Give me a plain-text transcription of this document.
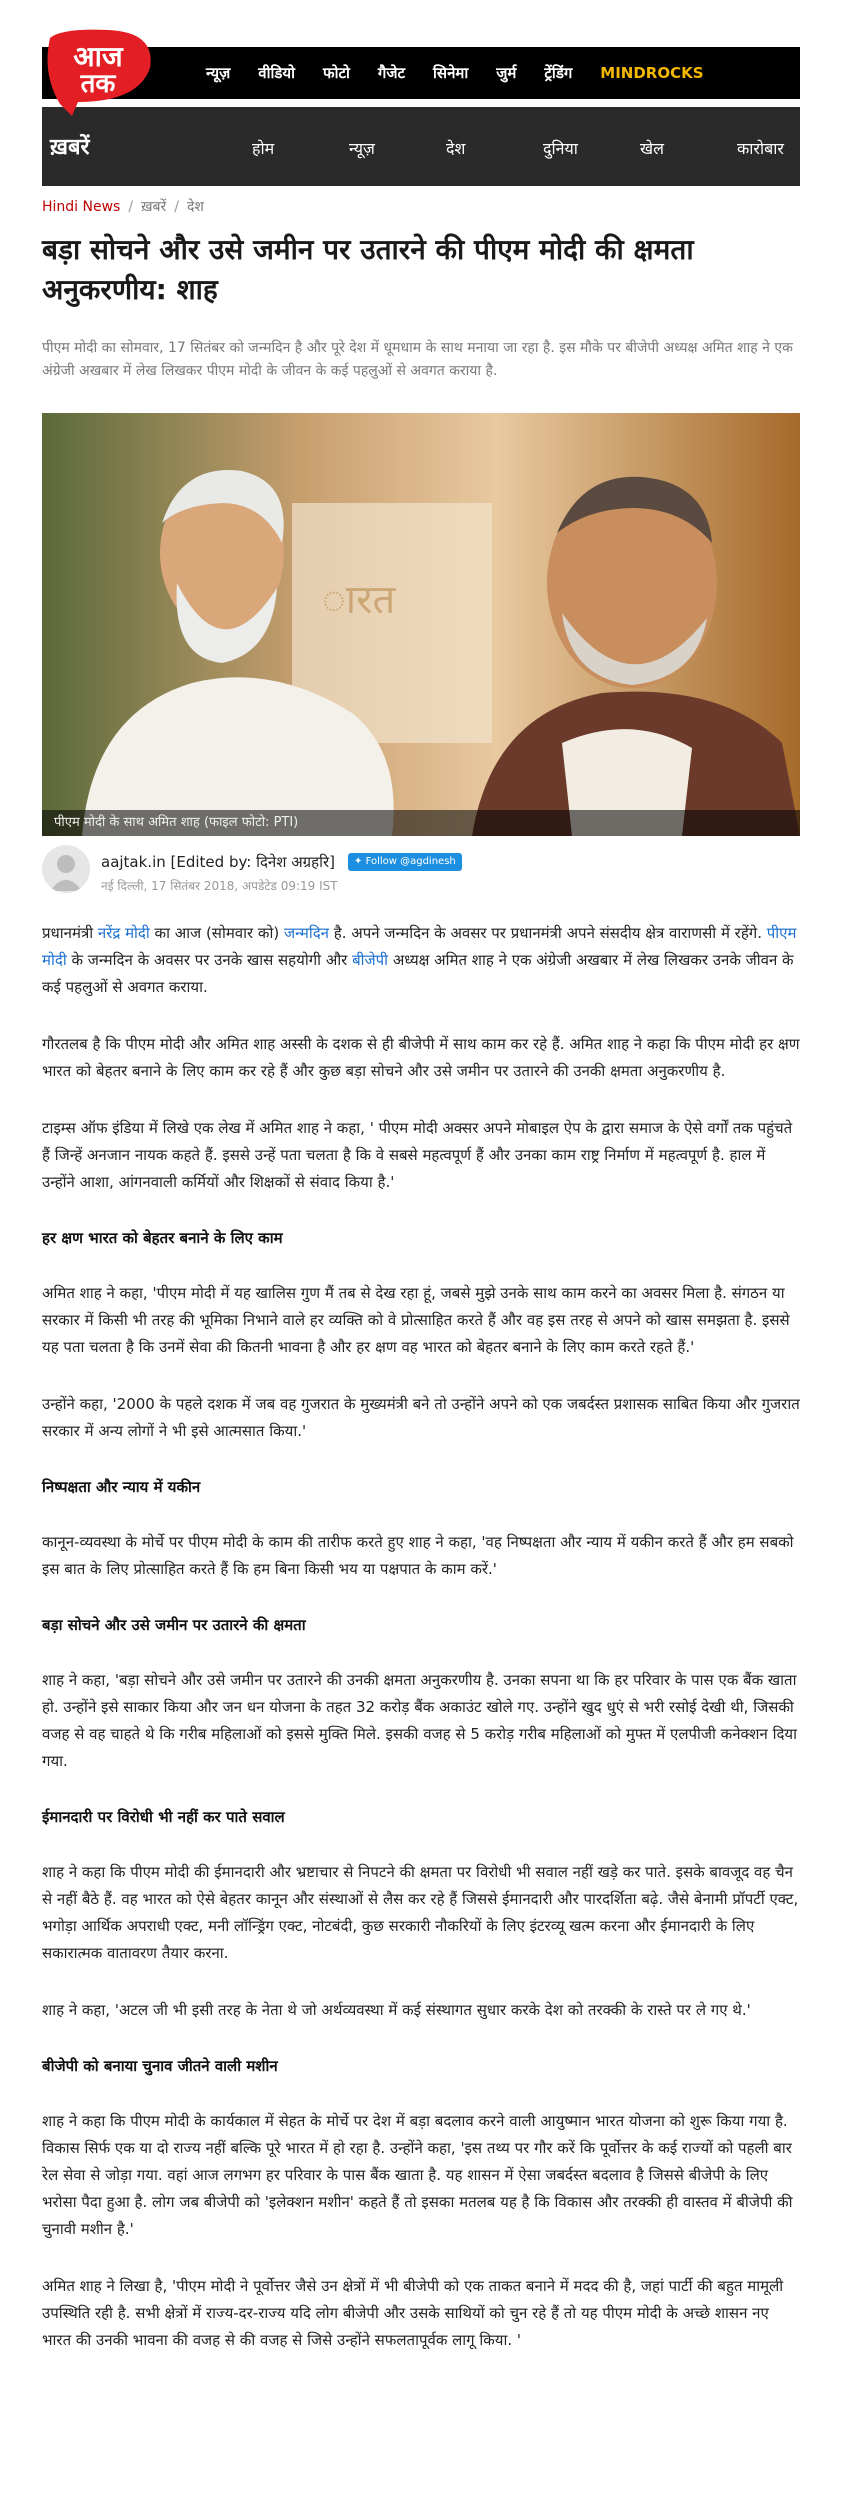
आज
तक	न्यूज़	वीडियो	फोटो	गैजेट	सिनेमा	जुर्म	ट्रेंडिंग	MINDROCKS
ख़बरें	होम	न्यूज़	देश	दुनिया	खेल	कारोबार
Hindi News / ख़बरें / देश
बड़ा सोचने और उसे जमीन पर उतारने की पीएम मोदी की क्षमता अनुकरणीय: शाह
पीएम मोदी का सोमवार, 17 सितंबर को जन्मदिन है और पूरे देश में धूमधाम के साथ मनाया जा रहा है. इस मौके पर बीजेपी अध्यक्ष अमित शाह ने एक अंग्रेजी अखबार में लेख लिखकर पीएम मोदी के जीवन के कई पहलुओं से अवगत कराया है.
ारत
पीएम मोदी के साथ अमित शाह (फाइल फोटो: PTI)
aajtak.in [Edited by: दिनेश अग्रहरि]	✦ Follow @agdinesh
नई दिल्ली, 17 सितंबर 2018, अपडेटेड 09:19 IST

प्रधानमंत्री नरेंद्र मोदी का आज (सोमवार को) जन्मदिन है. अपने जन्मदिन के अवसर पर प्रधानमंत्री अपने संसदीय क्षेत्र वाराणसी में रहेंगे. पीएम मोदी के जन्मदिन के अवसर पर उनके खास सहयोगी और बीजेपी अध्यक्ष अमित शाह ने एक अंग्रेजी अखबार में लेख लिखकर उनके जीवन के कई पहलुओं से अवगत कराया.

गौरतलब है कि पीएम मोदी और अमित शाह अस्सी के दशक से ही बीजेपी में साथ काम कर रहे हैं. अमित शाह ने कहा कि पीएम मोदी हर क्षण भारत को बेहतर बनाने के लिए काम कर रहे हैं और कुछ बड़ा सोचने और उसे जमीन पर उतारने की उनकी क्षमता अनुकरणीय है.

टाइम्स ऑफ इंडिया में लिखे एक लेख में अमित शाह ने कहा, ' पीएम मोदी अक्सर अपने मोबाइल ऐप के द्वारा समाज के ऐसे वर्गों तक पहुंचते हैं जिन्हें अनजान नायक कहते हैं. इससे उन्हें पता चलता है कि वे सबसे महत्वपूर्ण हैं और उनका काम राष्ट्र निर्माण में महत्वपूर्ण है. हाल में उन्होंने आशा, आंगनवाली कर्मियों और शिक्षकों से संवाद किया है.'

हर क्षण भारत को बेहतर बनाने के लिए काम

अमित शाह ने कहा, 'पीएम मोदी में यह खालिस गुण मैं तब से देख रहा हूं, जबसे मुझे उनके साथ काम करने का अवसर मिला है. संगठन या सरकार में किसी भी तरह की भूमिका निभाने वाले हर व्यक्ति को वे प्रोत्साहित करते हैं और वह इस तरह से अपने को खास समझता है. इससे यह पता चलता है कि उनमें सेवा की कितनी भावना है और हर क्षण वह भारत को बेहतर बनाने के लिए काम करते रहते हैं.'

उन्होंने कहा, '2000 के पहले दशक में जब वह गुजरात के मुख्यमंत्री बने तो उन्होंने अपने को एक जबर्दस्त प्रशासक साबित किया और गुजरात सरकार में अन्य लोगों ने भी इसे आत्मसात किया.'

निष्पक्षता और न्याय में यकीन

कानून-व्यवस्था के मोर्चे पर पीएम मोदी के काम की तारीफ करते हुए शाह ने कहा, 'वह निष्पक्षता और न्याय में यकीन करते हैं और हम सबको इस बात के लिए प्रोत्साहित करते हैं कि हम बिना किसी भय या पक्षपात के काम करें.'

बड़ा सोचने और उसे जमीन पर उतारने की क्षमता

शाह ने कहा, 'बड़ा सोचने और उसे जमीन पर उतारने की उनकी क्षमता अनुकरणीय है. उनका सपना था कि हर परिवार के पास एक बैंक खाता हो. उन्होंने इसे साकार किया और जन धन योजना के तहत 32 करोड़ बैंक अकाउंट खोले गए. उन्होंने खुद धुएं से भरी रसोई देखी थी, जिसकी वजह से वह चाहते थे कि गरीब महिलाओं को इससे मुक्ति मिले. इसकी वजह से 5 करोड़ गरीब महिलाओं को मुफ्त में एलपीजी कनेक्शन दिया गया.

ईमानदारी पर विरोधी भी नहीं कर पाते सवाल

शाह ने कहा कि पीएम मोदी की ईमानदारी और भ्रष्टाचार से निपटने की क्षमता पर विरोधी भी सवाल नहीं खड़े कर पाते. इसके बावजूद वह चैन से नहीं बैठे हैं. वह भारत को ऐसे बेहतर कानून और संस्थाओं से लैस कर रहे हैं जिससे ईमानदारी और पारदर्शिता बढ़े. जैसे बेनामी प्रॉपर्टी एक्ट, भगोड़ा आर्थिक अपराधी एक्ट, मनी लॉन्ड्रिंग एक्ट, नोटबंदी, कुछ सरकारी नौकरियों के लिए इंटरव्यू खत्म करना और ईमानदारी के लिए सकारात्मक वातावरण तैयार करना.

शाह ने कहा, 'अटल जी भी इसी तरह के नेता थे जो अर्थव्यवस्था में कई संस्थागत सुधार करके देश को तरक्की के रास्ते पर ले गए थे.'

बीजेपी को बनाया चुनाव जीतने वाली मशीन

शाह ने कहा कि पीएम मोदी के कार्यकाल में सेहत के मोर्चे पर देश में बड़ा बदलाव करने वाली आयुष्मान भारत योजना को शुरू किया गया है. विकास सिर्फ एक या दो राज्य नहीं बल्कि पूरे भारत में हो रहा है. उन्होंने कहा, 'इस तथ्य पर गौर करें कि पूर्वोत्तर के कई राज्यों को पहली बार रेल सेवा से जोड़ा गया. वहां आज लगभग हर परिवार के पास बैंक खाता है. यह शासन में ऐसा जबर्दस्त बदलाव है जिससे बीजेपी के लिए भरोसा पैदा हुआ है. लोग जब बीजेपी को 'इलेक्शन मशीन' कहते हैं तो इसका मतलब यह है कि विकास और तरक्की ही वास्तव में बीजेपी की चुनावी मशीन है.'

अमित शाह ने लिखा है, 'पीएम मोदी ने पूर्वोत्तर जैसे उन क्षेत्रों में भी बीजेपी को एक ताकत बनाने में मदद की है, जहां पार्टी की बहुत मामूली उपस्थिति रही है. सभी क्षेत्रों में राज्य-दर-राज्य यदि लोग बीजेपी और उसके साथियों को चुन रहे हैं तो यह पीएम मोदी के अच्छे शासन नए भारत की उनकी भावना की वजह से की वजह से जिसे उन्होंने सफलतापूर्वक लागू किया. '
